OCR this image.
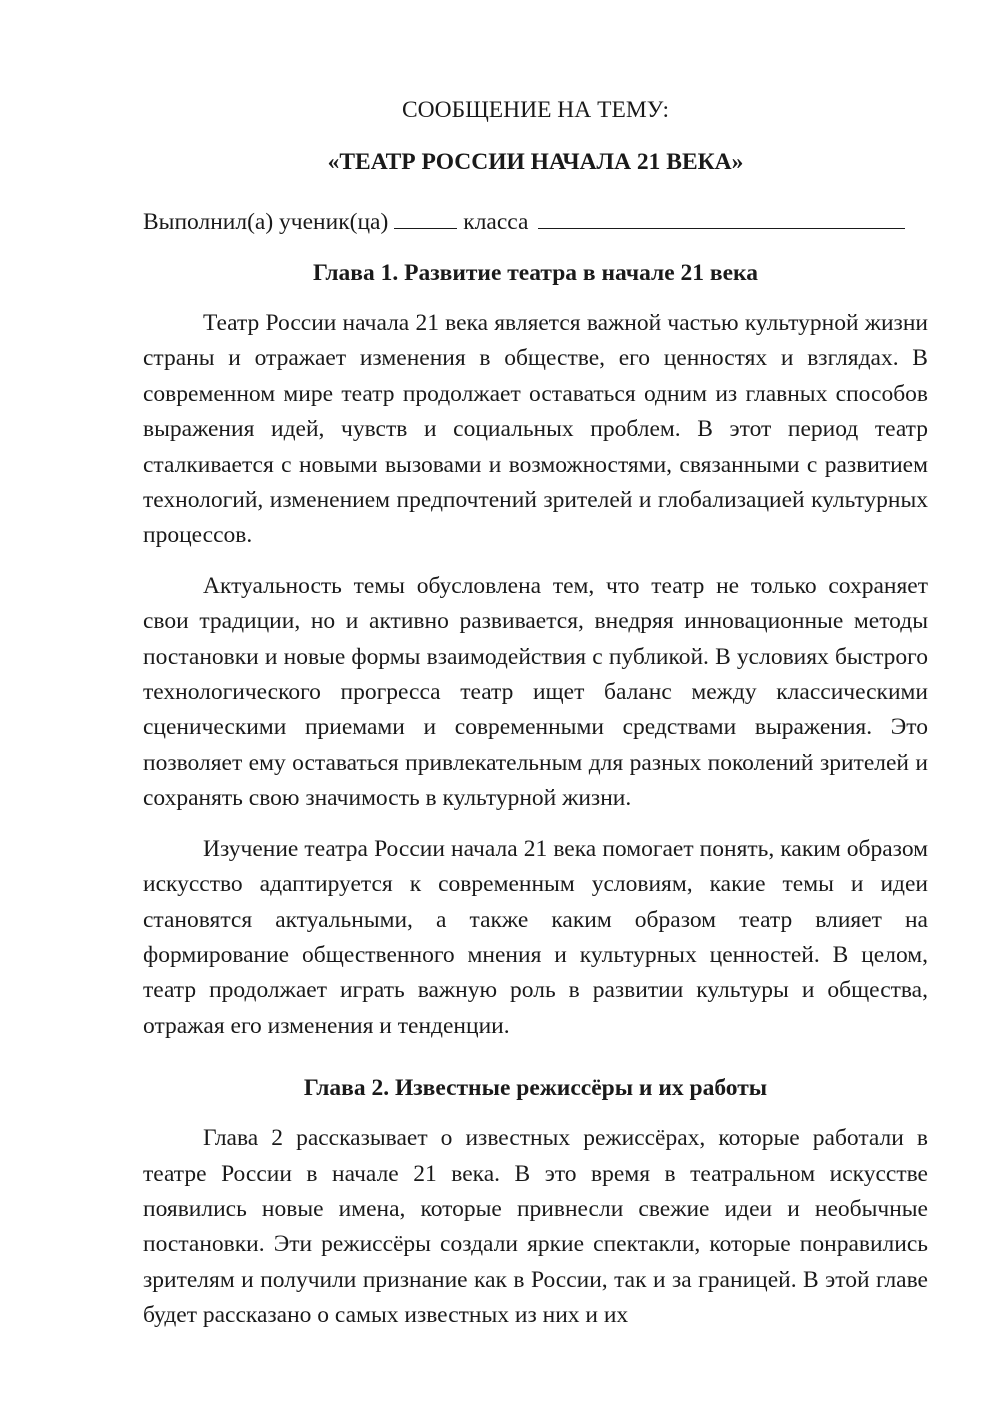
СООБЩЕНИЕ НА ТЕМУ:

«ТЕАТР РОССИИ НАЧАЛА 21 ВЕКА»

Выполнил(а) ученик(ца)	класса

Глава 1. Развитие театра в начале 21 века

Театр России начала 21 века является важной частью культурной жизни страны и отражает изменения в обществе, его ценностях и взглядах. В современном мире театр продолжает оставаться одним из главных способов выражения идей, чувств и социальных проблем. В этот период театр сталкивается с новыми вызовами и возможностями, связанными с развитием технологий, изменением предпочтений зрителей и глобализацией культурных процессов.

Актуальность темы обусловлена тем, что театр не только сохраняет свои традиции, но и активно развивается, внедряя инновационные методы постановки и новые формы взаимодействия с публикой. В условиях быстрого технологического прогресса театр ищет баланс между классическими сценическими приемами и современными средствами выражения. Это позволяет ему оставаться привлекательным для разных поколений зрителей и сохранять свою значимость в культурной жизни.

Изучение театра России начала 21 века помогает понять, каким образом искусство адаптируется к современным условиям, какие темы и идеи становятся актуальными, а также каким образом театр влияет на формирование общественного мнения и культурных ценностей. В целом, театр продолжает играть важную роль в развитии культуры и общества, отражая его изменения и тенденции.

Глава 2. Известные режиссёры и их работы

Глава 2 рассказывает о известных режиссёрах, которые работали в театре России в начале 21 века. В это время в театральном искусстве появились новые имена, которые привнесли свежие идеи и необычные постановки. Эти режиссёры создали яркие спектакли, которые понравились зрителям и получили признание как в России, так и за границей. В этой главе будет рассказано о самых известных из них и их
